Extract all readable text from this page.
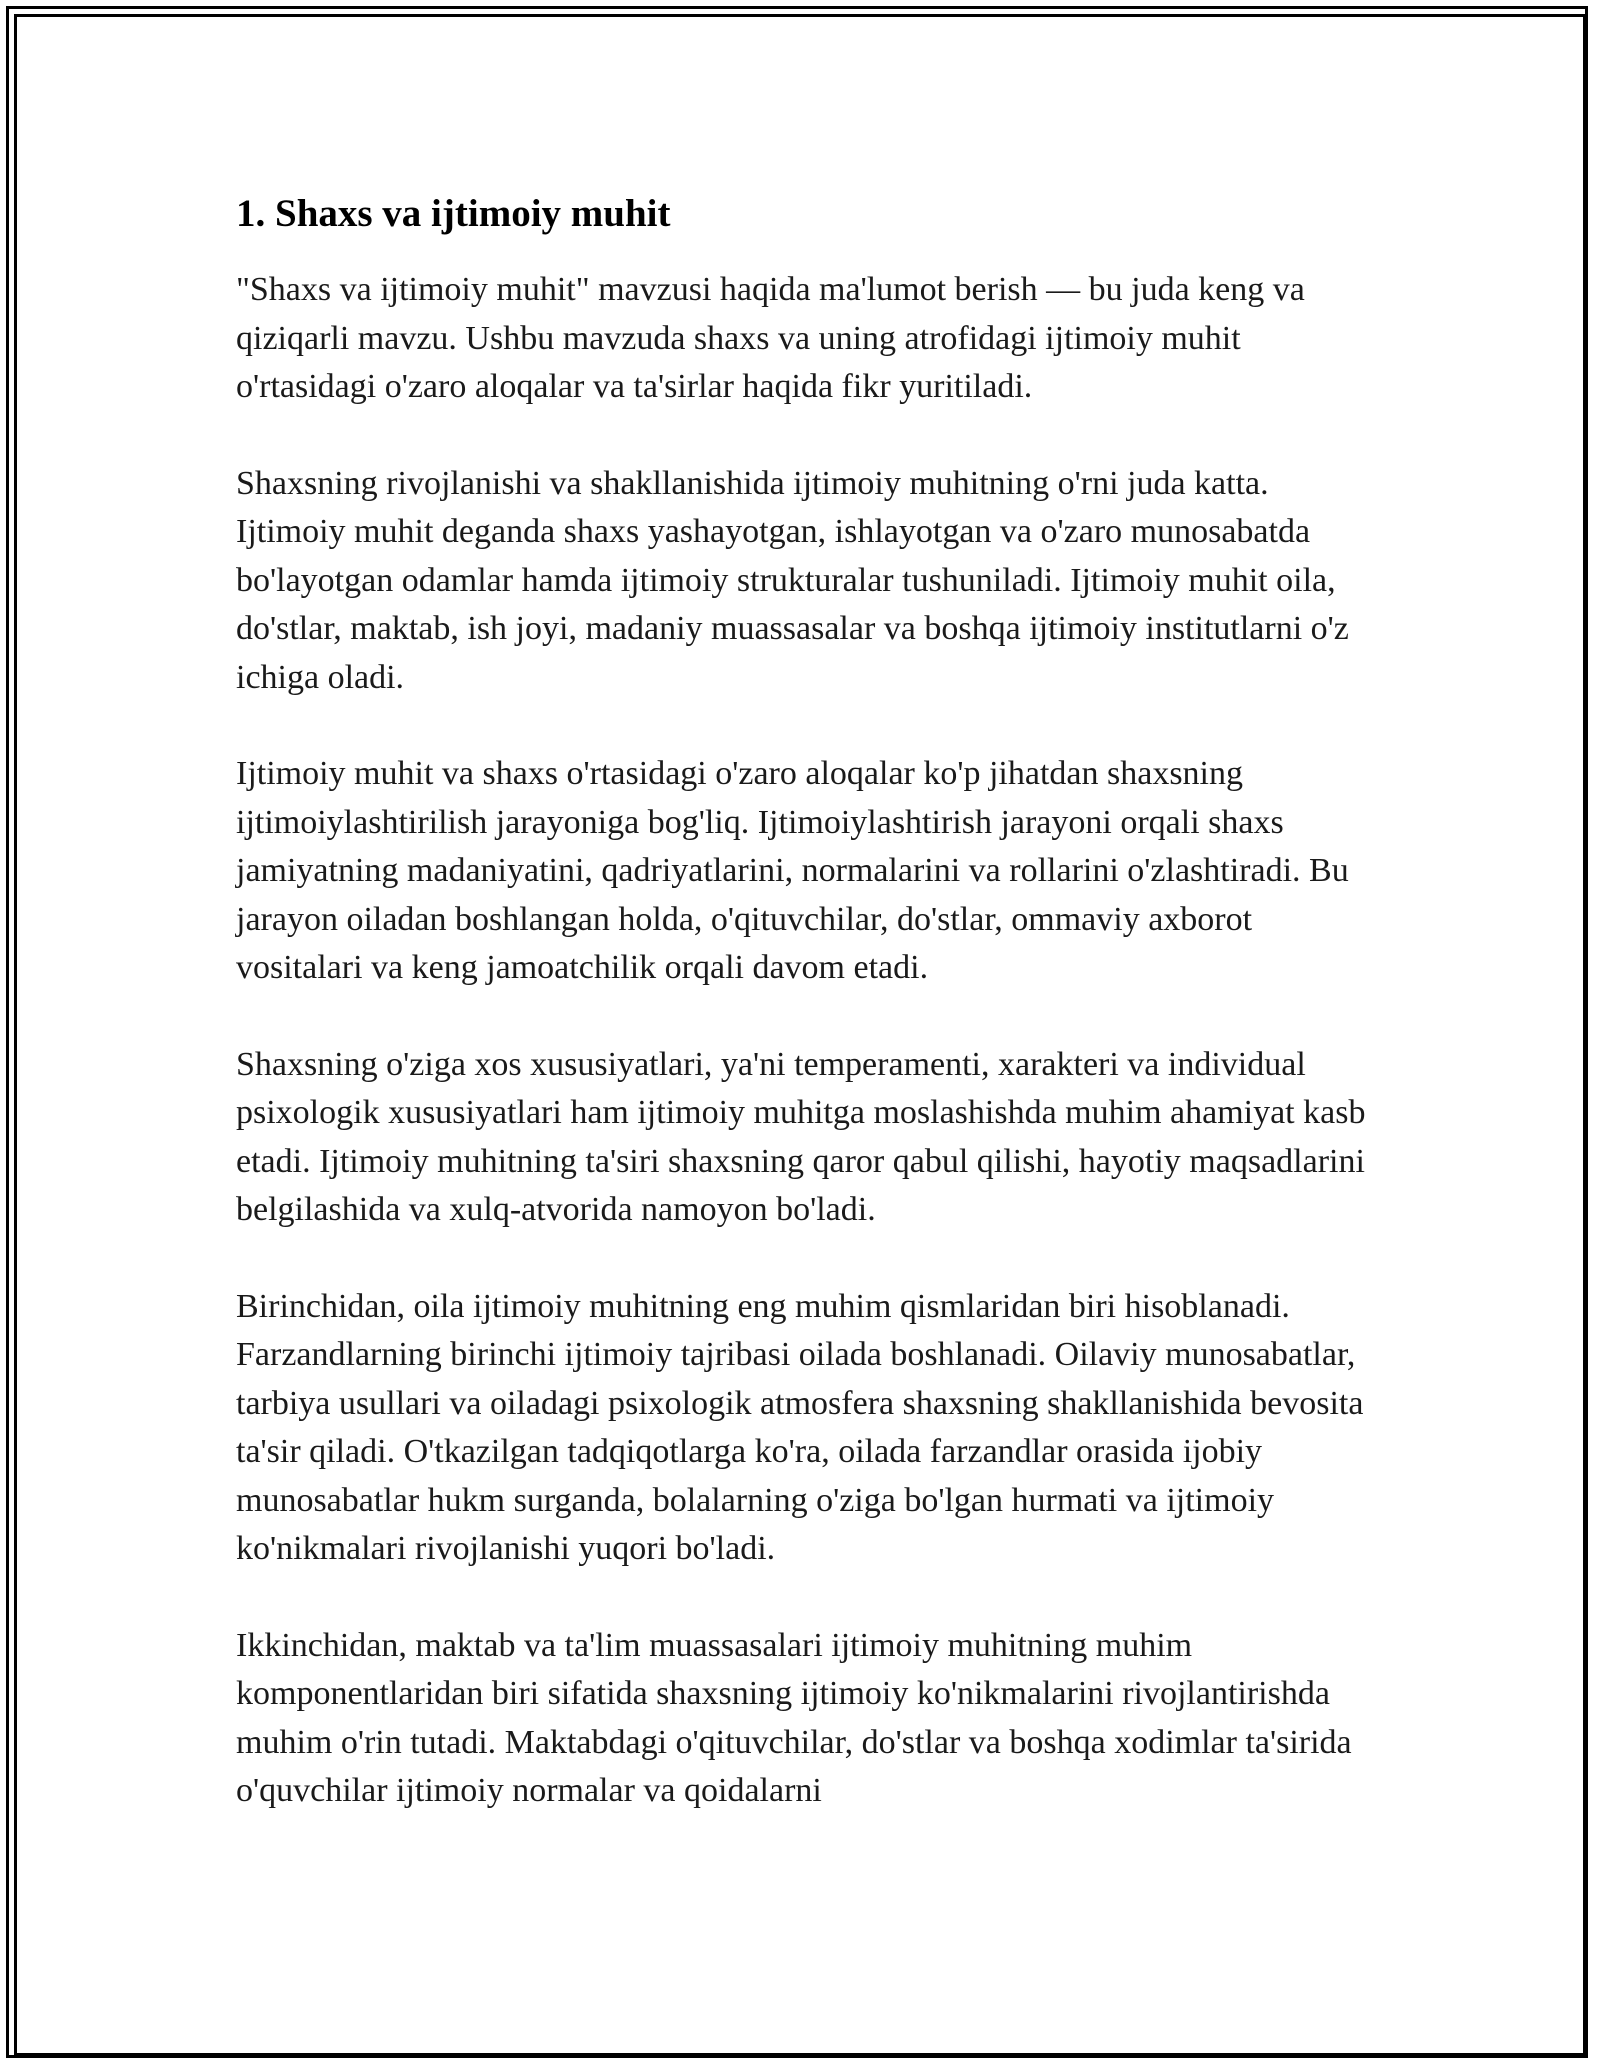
1. Shaxs va ijtimoiy muhit

"Shaxs va ijtimoiy muhit" mavzusi haqida ma'lumot berish — bu juda keng va qiziqarli mavzu. Ushbu mavzuda shaxs va uning atrofidagi ijtimoiy muhit o'rtasidagi o'zaro aloqalar va ta'sirlar haqida fikr yuritiladi.

Shaxsning rivojlanishi va shakllanishida ijtimoiy muhitning o'rni juda katta. Ijtimoiy muhit deganda shaxs yashayotgan, ishlayotgan va o'zaro munosabatda bo'layotgan odamlar hamda ijtimoiy strukturalar tushuniladi. Ijtimoiy muhit oila, do'stlar, maktab, ish joyi, madaniy muassasalar va boshqa ijtimoiy institutlarni o'z ichiga oladi.

Ijtimoiy muhit va shaxs o'rtasidagi o'zaro aloqalar ko'p jihatdan shaxsning ijtimoiylashtirilish jarayoniga bog'liq. Ijtimoiylashtirish jarayoni orqali shaxs jamiyatning madaniyatini, qadriyatlarini, normalarini va rollarini o'zlashtiradi. Bu jarayon oiladan boshlangan holda, o'qituvchilar, do'stlar, ommaviy axborot vositalari va keng jamoatchilik orqali davom etadi.

Shaxsning o'ziga xos xususiyatlari, ya'ni temperamenti, xarakteri va individual psixologik xususiyatlari ham ijtimoiy muhitga moslashishda muhim ahamiyat kasb etadi. Ijtimoiy muhitning ta'siri shaxsning qaror qabul qilishi, hayotiy maqsadlarini belgilashida va xulq-atvorida namoyon bo'ladi.

Birinchidan, oila ijtimoiy muhitning eng muhim qismlaridan biri hisoblanadi. Farzandlarning birinchi ijtimoiy tajribasi oilada boshlanadi. Oilaviy munosabatlar, tarbiya usullari va oiladagi psixologik atmosfera shaxsning shakllanishida bevosita ta'sir qiladi. O'tkazilgan tadqiqotlarga ko'ra, oilada farzandlar orasida ijobiy munosabatlar hukm surganda, bolalarning o'ziga bo'lgan hurmati va ijtimoiy ko'nikmalari rivojlanishi yuqori bo'ladi.

Ikkinchidan, maktab va ta'lim muassasalari ijtimoiy muhitning muhim komponentlaridan biri sifatida shaxsning ijtimoiy ko'nikmalarini rivojlantirishda muhim o'rin tutadi. Maktabdagi o'qituvchilar, do'stlar va boshqa xodimlar ta'sirida o'quvchilar ijtimoiy normalar va qoidalarni
